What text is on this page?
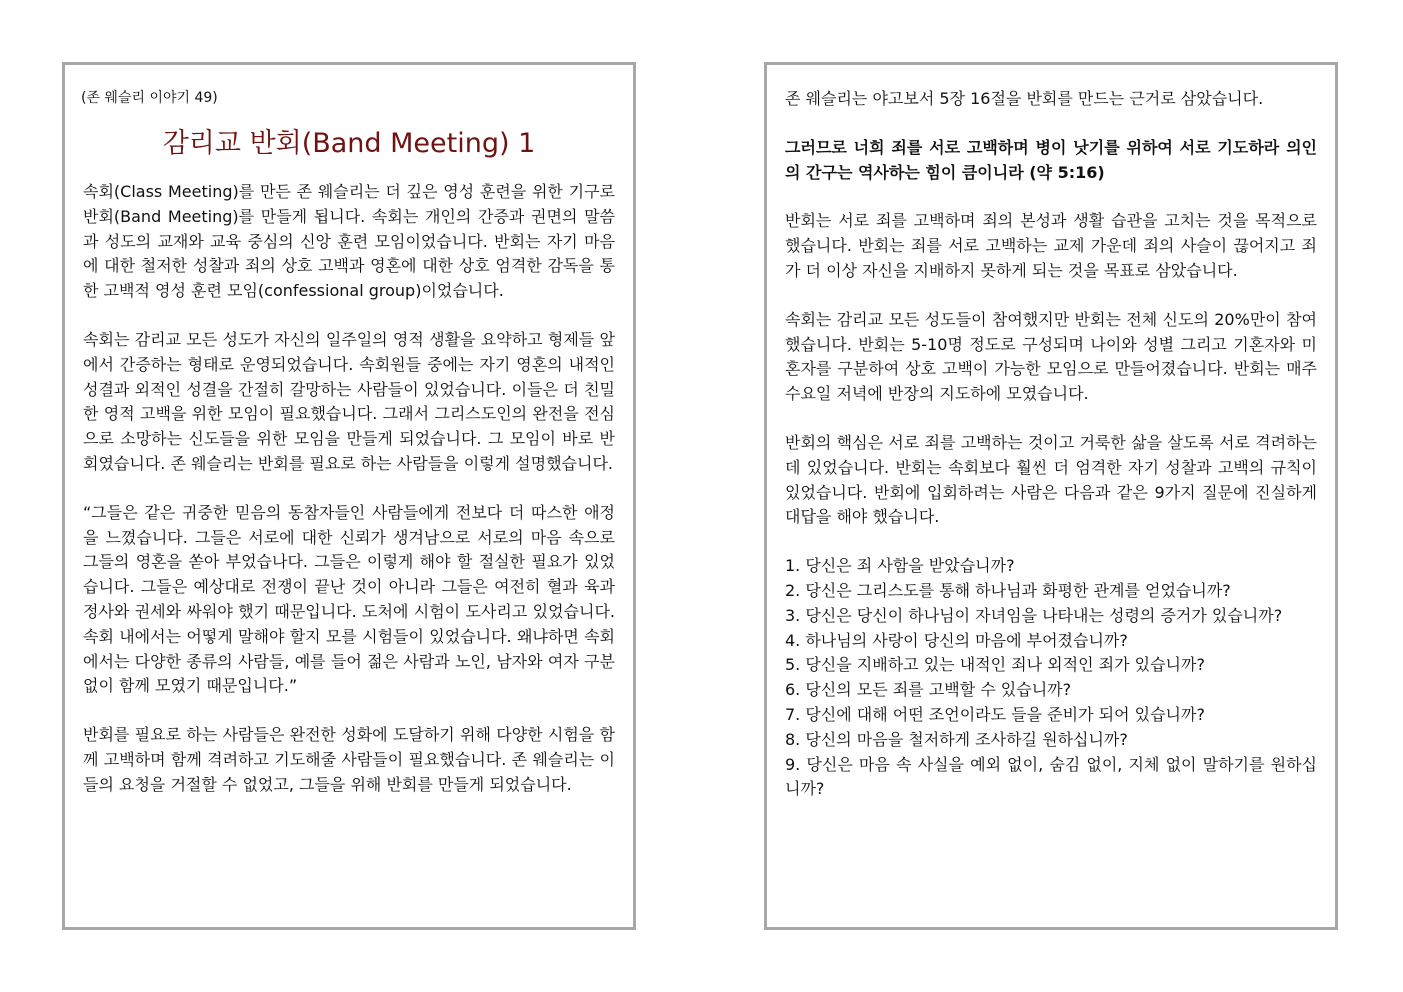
(존 웨슬리 이야기 49)
감리교 반회(Band Meeting) 1

속회(Class Meeting)를 만든 존 웨슬리는 더 깊은 영성 훈련을 위한 기구로 반회(Band Meeting)를 만들게 됩니다. 속회는 개인의 간증과 권면의 말씀과 성도의 교재와 교육 중심의 신앙 훈련 모임이었습니다. 반회는 자기 마음에 대한 철저한 성찰과 죄의 상호 고백과 영혼에 대한 상호 엄격한 감독을 통한 고백적 영성 훈련 모임(confessional group)이었습니다.

속회는 감리교 모든 성도가 자신의 일주일의 영적 생활을 요약하고 형제들 앞에서 간증하는 형태로 운영되었습니다. 속회원들 중에는 자기 영혼의 내적인 성결과 외적인 성결을 간절히 갈망하는 사람들이 있었습니다. 이들은 더 친밀한 영적 고백을 위한 모임이 필요했습니다. 그래서 그리스도인의 완전을 전심으로 소망하는 신도들을 위한 모임을 만들게 되었습니다. 그 모임이 바로 반회였습니다. 존 웨슬리는 반회를 필요로 하는 사람들을 이렇게 설명했습니다.

“그들은 같은 귀중한 믿음의 동참자들인 사람들에게 전보다 더 따스한 애정을 느꼈습니다. 그들은 서로에 대한 신뢰가 생겨남으로 서로의 마음 속으로 그들의 영혼을 쏟아 부었습나다. 그들은 이렇게 해야 할 절실한 필요가 있었습니다. 그들은 예상대로 전쟁이 끝난 것이 아니라 그들은 여전히 혈과 육과 정사와 권세와 싸워야 했기 때문입니다. 도처에 시험이 도사리고 있었습니다. 속회 내에서는 어떻게 말해야 할지 모를 시험들이 있었습니다. 왜냐하면 속회에서는 다양한 종류의 사람들, 예를 들어 젊은 사람과 노인, 남자와 여자 구분 없이 함께 모였기 때문입니다.”

반회를 필요로 하는 사람들은 완전한 성화에 도달하기 위해 다양한 시험을 함께 고백하며 함께 격려하고 기도해줄 사람들이 필요했습니다. 존 웨슬리는 이들의 요청을 거절할 수 없었고, 그들을 위해 반회를 만들게 되었습니다.

존 웨슬리는 야고보서 5장 16절을 반회를 만드는 근거로 삼았습니다.

그러므로 너희 죄를 서로 고백하며 병이 낫기를 위하여 서로 기도하라 의인의 간구는 역사하는 힘이 큼이니라 (약 5:16)

반회는 서로 죄를 고백하며 죄의 본성과 생활 습관을 고치는 것을 목적으로 했습니다. 반회는 죄를 서로 고백하는 교제 가운데 죄의 사슬이 끊어지고 죄가 더 이상 자신을 지배하지 못하게 되는 것을 목표로 삼았습니다.

속회는 감리교 모든 성도들이 참여했지만 반회는 전체 신도의 20%만이 참여했습니다. 반회는 5-10명 정도로 구성되며 나이와 성별 그리고 기혼자와 미혼자를 구분하여 상호 고백이 가능한 모임으로 만들어졌습니다. 반회는 매주 수요일 저녁에 반장의 지도하에 모였습니다.

반회의 핵심은 서로 죄를 고백하는 것이고 거룩한 삶을 살도록 서로 격려하는 데 있었습니다. 반회는 속회보다 훨씬 더 엄격한 자기 성찰과 고백의 규칙이 있었습니다. 반회에 입회하려는 사람은 다음과 같은 9가지 질문에 진실하게 대답을 해야 했습니다.

1. 당신은 죄 사함을 받았습니까?
2. 당신은 그리스도를 통해 하나님과 화평한 관계를 얻었습니까?
3. 당신은 당신이 하나님이 자녀임을 나타내는 성령의 증거가 있습니까?
4. 하나님의 사랑이 당신의 마음에 부어졌습니까?
5. 당신을 지배하고 있는 내적인 죄나 외적인 죄가 있습니까?
6. 당신의 모든 죄를 고백할 수 있습니까?
7. 당신에 대해 어떤 조언이라도 들을 준비가 되어 있습니까?
8. 당신의 마음을 철저하게 조사하길 원하십니까?
9. 당신은 마음 속 사실을 예외 없이, 숨김 없이, 지체 없이 말하기를 원하십니까?
